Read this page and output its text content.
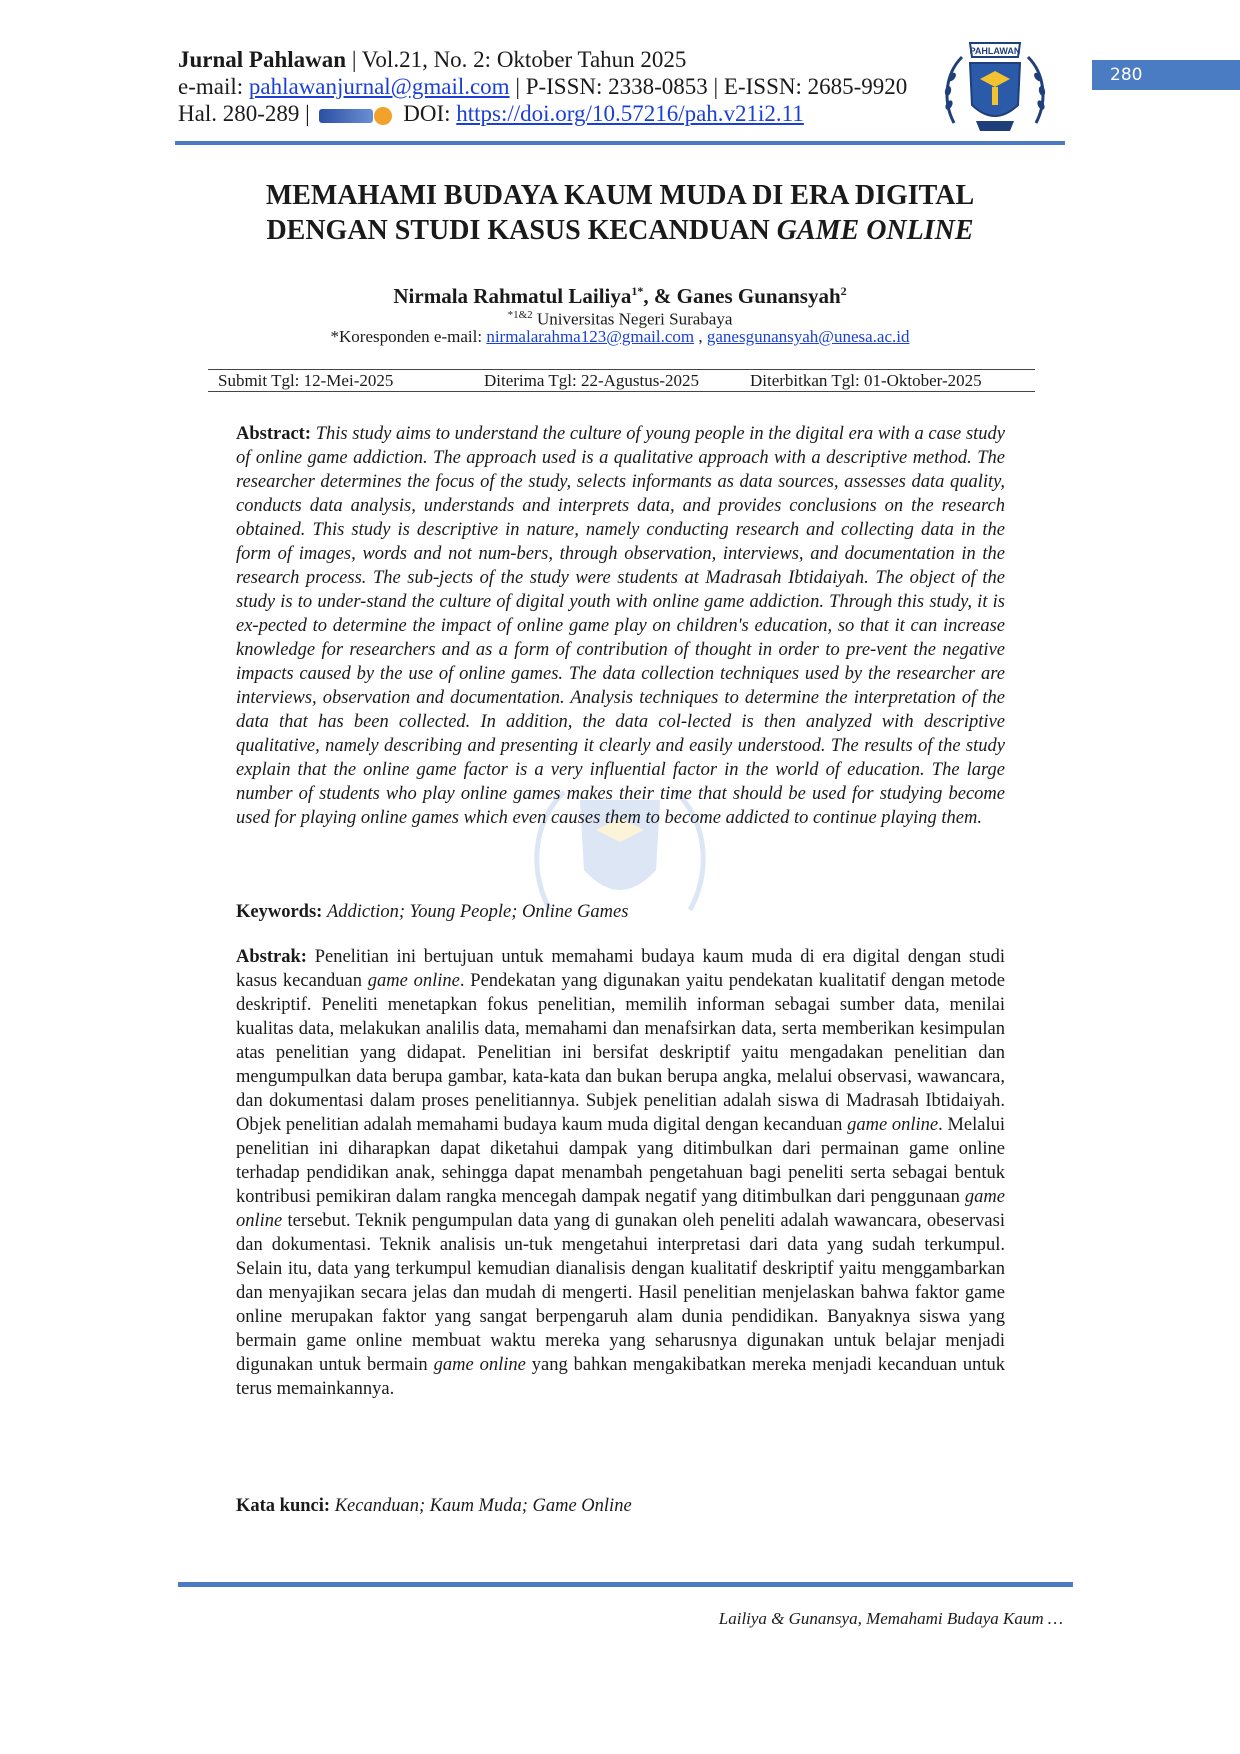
Jurnal Pahlawan | Vol.21, No. 2: Oktober Tahun 2025
e-mail: pahlawanjurnal@gmail.com | P-ISSN: 2338-0853 | E-ISSN: 2685-9920
Hal. 280-289 |	DOI: https://doi.org/10.57216/pah.v21i2.11
PAHLAWAN
280
MEMAHAMI BUDAYA KAUM MUDA DI ERA DIGITAL
DENGAN STUDI KASUS KECANDUAN GAME ONLINE
Nirmala Rahmatul Lailiya$^{1*}$, & Ganes Gunansyah$^2$
$^{*1\&2}$ Universitas Negeri Surabaya
*Koresponden e-mail: nirmalarahma123@gmail.com , ganesgunansyah@unesa.ac.id
Submit Tgl: 12-Mei-2025	Diterima Tgl: 22-Agustus-2025	Diterbitkan Tgl: 01-Oktober-2025
Abstract: This study aims to understand the culture of young people in the digital era with a case study of online game addiction. The approach used is a qualitative approach with a descriptive method. The researcher determines the focus of the study, selects informants as data sources, assesses data quality, conducts data analysis, understands and interprets data, and provides conclusions on the research obtained. This study is descriptive in nature, namely conducting research and collecting data in the form of images, words and not num-bers, through observation, interviews, and documentation in the research process. The sub-jects of the study were students at Madrasah Ibtidaiyah. The object of the study is to under-stand the culture of digital youth with online game addiction. Through this study, it is ex-pected to determine the impact of online game play on children's education, so that it can increase knowledge for researchers and as a form of contribution of thought in order to pre-vent the negative impacts caused by the use of online games. The data collection techniques used by the researcher are interviews, observation and documentation. Analysis techniques to determine the interpretation of the data that has been collected. In addition, the data col-lected is then analyzed with descriptive qualitative, namely describing and presenting it clearly and easily understood. The results of the study explain that the online game factor is a very influential factor in the world of education. The large number of students who play online games makes their time that should be used for studying become used for playing online games which even causes them to become addicted to continue playing them.
Keywords: Addiction; Young People; Online Games
Abstrak: Penelitian ini bertujuan untuk memahami budaya kaum muda di era digital dengan studi kasus kecanduan game online. Pendekatan yang digunakan yaitu pendekatan kualitatif dengan metode deskriptif. Peneliti menetapkan fokus penelitian, memilih informan sebagai sumber data, menilai kualitas data, melakukan analilis data, memahami dan menafsirkan data, serta memberikan kesimpulan atas penelitian yang didapat. Penelitian ini bersifat deskriptif yaitu mengadakan penelitian dan mengumpulkan data berupa gambar, kata-kata dan bukan berupa angka, melalui observasi, wawancara, dan dokumentasi dalam proses penelitiannya. Subjek penelitian adalah siswa di Madrasah Ibtidaiyah. Objek penelitian adalah memahami budaya kaum muda digital dengan kecanduan game online. Melalui penelitian ini diharapkan dapat diketahui dampak yang ditimbulkan dari permainan game online terhadap pendidikan anak, sehingga dapat menambah pengetahuan bagi peneliti serta sebagai bentuk kontribusi pemikiran dalam rangka mencegah dampak negatif yang ditimbulkan dari penggunaan game online tersebut. Teknik pengumpulan data yang di gunakan oleh peneliti adalah wawancara, obeservasi dan dokumentasi. Teknik analisis un-tuk mengetahui interpretasi dari data yang sudah terkumpul. Selain itu, data yang terkumpul kemudian dianalisis dengan kualitatif deskriptif yaitu menggambarkan dan menyajikan secara jelas dan mudah di mengerti. Hasil penelitian menjelaskan bahwa faktor game online merupakan faktor yang sangat berpengaruh alam dunia pendidikan. Banyaknya siswa yang bermain game online membuat waktu mereka yang seharusnya digunakan untuk belajar menjadi digunakan untuk bermain game online yang bahkan mengakibatkan mereka menjadi kecanduan untuk terus memainkannya.
Kata kunci: Kecanduan; Kaum Muda; Game Online
Lailiya & Gunansya, Memahami Budaya Kaum …
